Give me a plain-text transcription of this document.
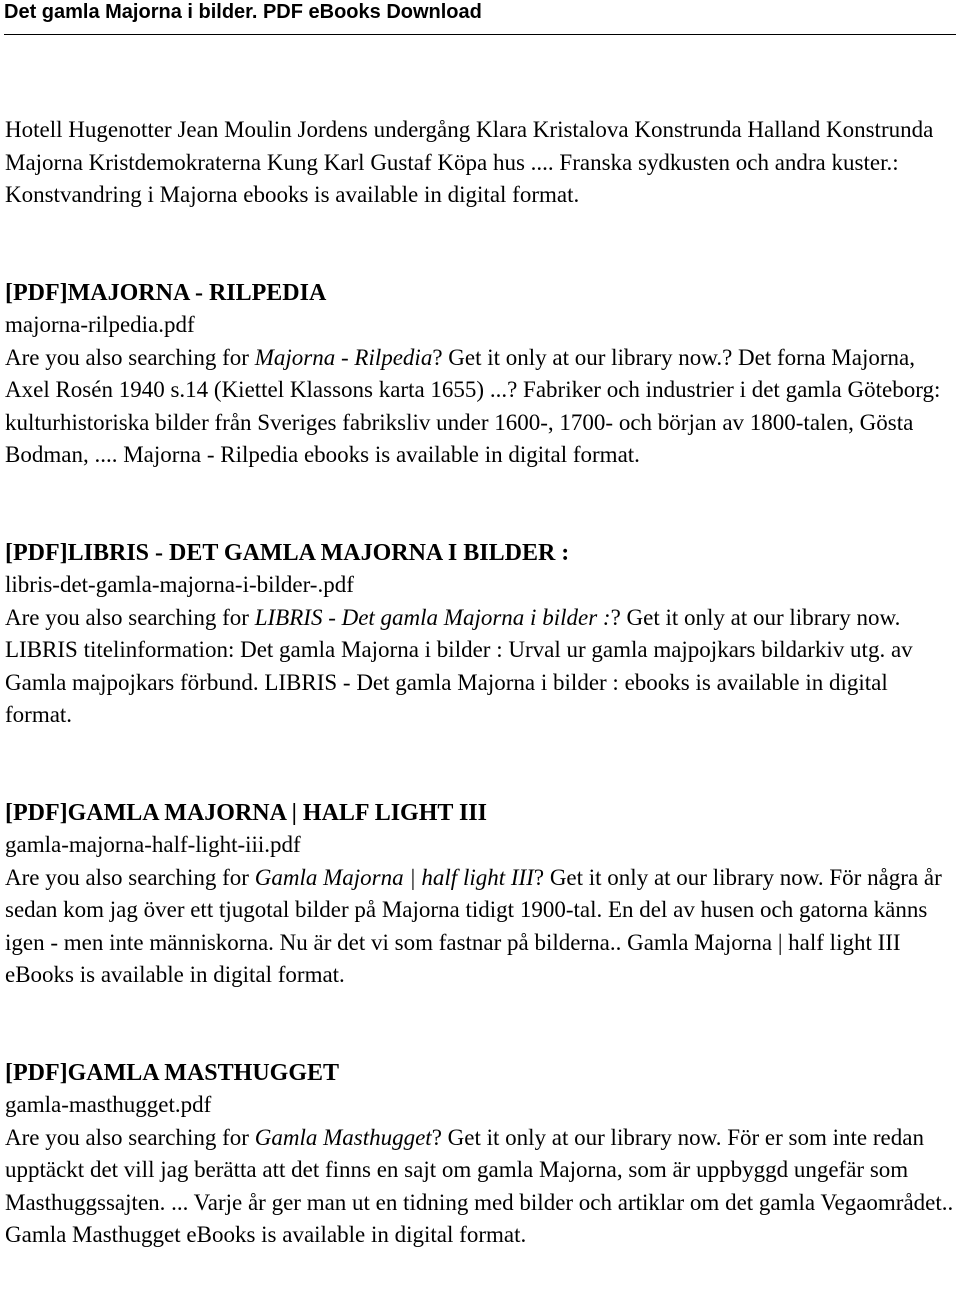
Det gamla Majorna i bilder. PDF eBooks Download

Hotell Hugenotter Jean Moulin Jordens undergång Klara Kristalova Konstrunda Halland Konstrunda Majorna Kristdemokraterna Kung Karl Gustaf Köpa hus .... Franska sydkusten och andra kuster.: Konstvandring i Majorna ebooks is available in digital format.

[PDF]MAJORNA - RILPEDIA

majorna-rilpedia.pdf

Are you also searching for Majorna - Rilpedia? Get it only at our library now.? Det forna Majorna, Axel Rosén 1940 s.14 (Kiettel Klassons karta 1655) ...? Fabriker och industrier i det gamla Göteborg: kulturhistoriska bilder från Sveriges fabriksliv under 1600-, 1700- och början av 1800-talen, Gösta Bodman, .... Majorna - Rilpedia ebooks is available in digital format.

[PDF]LIBRIS - DET GAMLA MAJORNA I BILDER :

libris-det-gamla-majorna-i-bilder-.pdf

Are you also searching for LIBRIS - Det gamla Majorna i bilder :? Get it only at our library now. LIBRIS titelinformation: Det gamla Majorna i bilder : Urval ur gamla majpojkars bildarkiv utg. av Gamla majpojkars förbund. LIBRIS - Det gamla Majorna i bilder : ebooks is available in digital format.

[PDF]GAMLA MAJORNA | HALF LIGHT III

gamla-majorna-half-light-iii.pdf

Are you also searching for Gamla Majorna | half light III? Get it only at our library now. För några år sedan kom jag över ett tjugotal bilder på Majorna tidigt 1900-tal. En del av husen och gatorna känns igen - men inte människorna. Nu är det vi som fastnar på bilderna.. Gamla Majorna | half light III eBooks is available in digital format.

[PDF]GAMLA MASTHUGGET

gamla-masthugget.pdf

Are you also searching for Gamla Masthugget? Get it only at our library now. För er som inte redan upptäckt det vill jag berätta att det finns en sajt om gamla Majorna, som är uppbyggd ungefär som Masthuggssajten. ... Varje år ger man ut en tidning med bilder och artiklar om det gamla Vegaområdet.. Gamla Masthugget eBooks is available in digital format.
